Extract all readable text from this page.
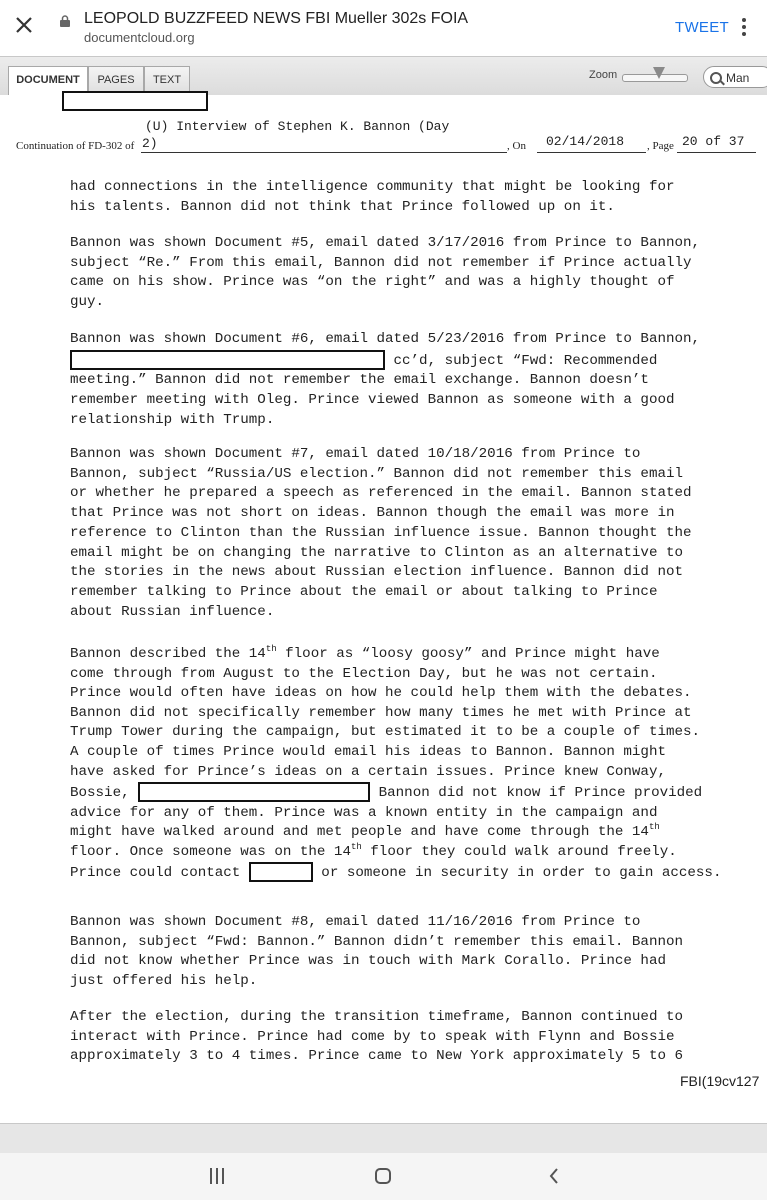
LEOPOLD BUZZFEED NEWS FBI Mueller 302s FOIA
documentcloud.org
TWEET
DOCUMENT	PAGES	TEXT	Zoom	Man
Continuation of FD-302 of
(U) Interview of Stephen K. Bannon (Day
2)	, On 02/14/2018 , Page 20 of 37
had connections in the intelligence community that might be looking for
his talents. Bannon did not think that Prince followed up on it.
Bannon was shown Document #5, email dated 3/17/2016 from Prince to Bannon,
subject “Re.” From this email, Bannon did not remember if Prince actually
came on his show. Prince was “on the right” and was a highly thought of
guy.
Bannon was shown Document #6, email dated 5/23/2016 from Prince to Bannon,
cc’d, subject “Fwd: Recommended
meeting.” Bannon did not remember the email exchange. Bannon doesn’t
remember meeting with Oleg. Prince viewed Bannon as someone with a good
relationship with Trump.
Bannon was shown Document #7, email dated 10/18/2016 from Prince to
Bannon, subject “Russia/US election.” Bannon did not remember this email
or whether he prepared a speech as referenced in the email. Bannon stated
that Prince was not short on ideas. Bannon though the email was more in
reference to Clinton than the Russian influence issue. Bannon thought the
email might be on changing the narrative to Clinton as an alternative to
the stories in the news about Russian election influence. Bannon did not
remember talking to Prince about the email or about talking to Prince
about Russian influence.
Bannon described the 14th floor as “loosy goosy” and Prince might have
come through from August to the Election Day, but he was not certain.
Prince would often have ideas on how he could help them with the debates.
Bannon did not specifically remember how many times he met with Prince at
Trump Tower during the campaign, but estimated it to be a couple of times.
A couple of times Prince would email his ideas to Bannon. Bannon might
have asked for Prince’s ideas on a certain issues. Prince knew Conway,
Bossie,	Bannon did not know if Prince provided
advice for any of them. Prince was a known entity in the campaign and
might have walked around and met people and have come through the 14th
floor. Once someone was on the 14th floor they could walk around freely.
Prince could contact	or someone in security in order to gain access.
Bannon was shown Document #8, email dated 11/16/2016 from Prince to
Bannon, subject “Fwd: Bannon.” Bannon didn’t remember this email. Bannon
did not know whether Prince was in touch with Mark Corallo. Prince had
just offered his help.
After the election, during the transition timeframe, Bannon continued to
interact with Prince. Prince had come by to speak with Flynn and Bossie
approximately 3 to 4 times. Prince came to New York approximately 5 to 6
FBI(19cv127
